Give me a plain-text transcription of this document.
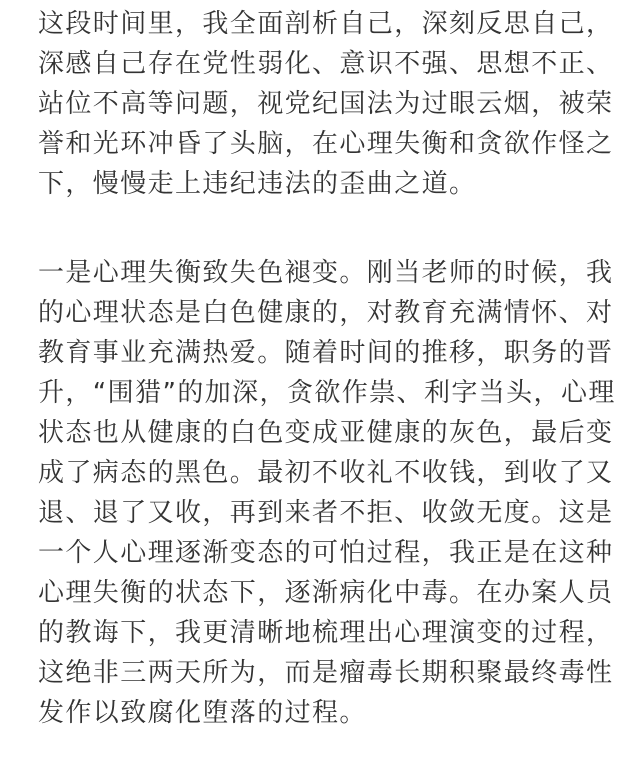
这段时间里，我全面剖析自己，深刻反思自己，
深感自己存在党性弱化、意识不强、思想不正、
站位不高等问题，视党纪国法为过眼云烟，被荣
誉和光环冲昏了头脑，在心理失衡和贪欲作怪之
下，慢慢走上违纪违法的歪曲之道。
一是心理失衡致失色褪变。刚当老师的时候，我
的心理状态是白色健康的，对教育充满情怀、对
教育事业充满热爱。随着时间的推移，职务的晋
升，“围猎”的加深，贪欲作祟、利字当头，心理
状态也从健康的白色变成亚健康的灰色，最后变
成了病态的黑色。最初不收礼不收钱，到收了又
退、退了又收，再到来者不拒、收敛无度。这是
一个人心理逐渐变态的可怕过程，我正是在这种
心理失衡的状态下，逐渐病化中毒。在办案人员
的教诲下，我更清晰地梳理出心理演变的过程，
这绝非三两天所为，而是瘤毒长期积聚最终毒性
发作以致腐化堕落的过程。
